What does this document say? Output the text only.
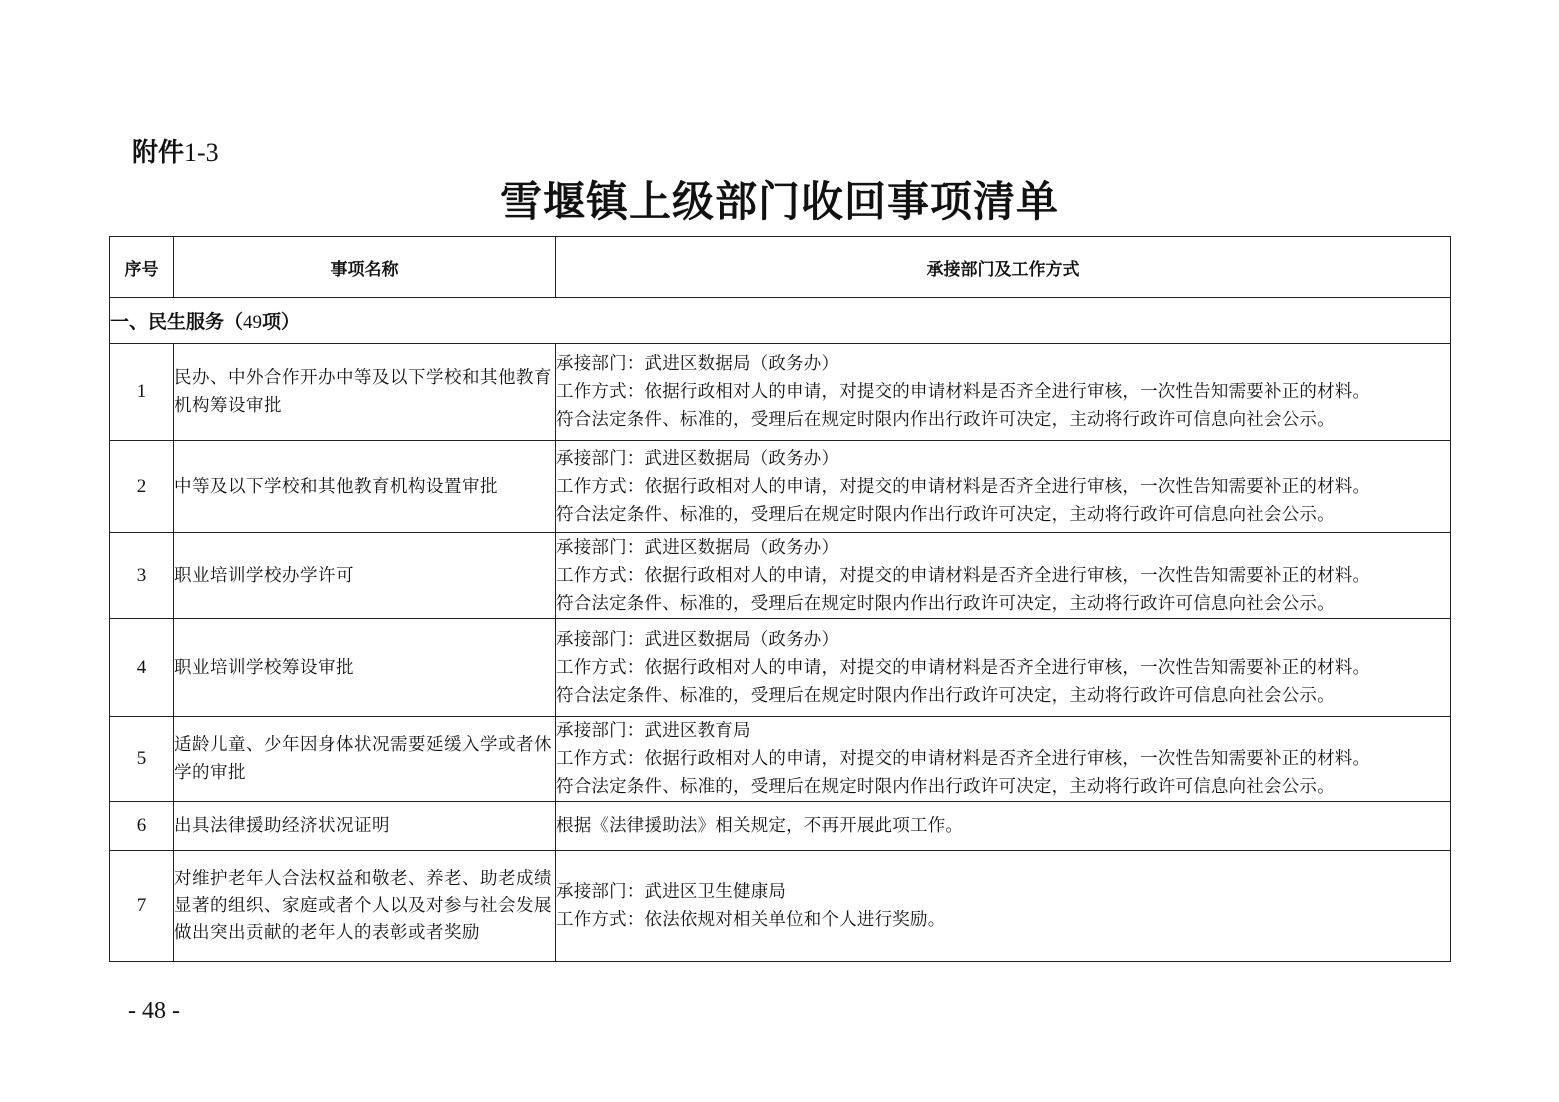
附件1-3
雪堰镇上级部门收回事项清单
序号	事项名称	承接部门及工作方式
一、民生服务（49项）		
1	民办、中外合作开办中等及以下学校和其他教育机构筹设审批	承接部门：武进区数据局（政务办）
工作方式：依据行政相对人的申请，对提交的申请材料是否齐全进行审核，一次性告知需要补正的材料。
符合法定条件、标准的，受理后在规定时限内作出行政许可决定，主动将行政许可信息向社会公示。

2	中等及以下学校和其他教育机构设置审批	承接部门：武进区数据局（政务办）
工作方式：依据行政相对人的申请，对提交的申请材料是否齐全进行审核，一次性告知需要补正的材料。
符合法定条件、标准的，受理后在规定时限内作出行政许可决定，主动将行政许可信息向社会公示。

3	职业培训学校办学许可	承接部门：武进区数据局（政务办）
工作方式：依据行政相对人的申请，对提交的申请材料是否齐全进行审核，一次性告知需要补正的材料。
符合法定条件、标准的，受理后在规定时限内作出行政许可决定，主动将行政许可信息向社会公示。

4	职业培训学校筹设审批	承接部门：武进区数据局（政务办）
工作方式：依据行政相对人的申请，对提交的申请材料是否齐全进行审核，一次性告知需要补正的材料。
符合法定条件、标准的，受理后在规定时限内作出行政许可决定，主动将行政许可信息向社会公示。

5	适龄儿童、少年因身体状况需要延缓入学或者休学的审批	承接部门：武进区教育局
工作方式：依据行政相对人的申请，对提交的申请材料是否齐全进行审核，一次性告知需要补正的材料。
符合法定条件、标准的，受理后在规定时限内作出行政许可决定，主动将行政许可信息向社会公示。

6	出具法律援助经济状况证明	根据《法律援助法》相关规定，不再开展此项工作。

7	对维护老年人合法权益和敬老、养老、助老成绩显著的组织、家庭或者个人以及对参与社会发展做出突出贡献的老年人的表彰或者奖励	承接部门：武进区卫生健康局
工作方式：依法依规对相关单位和个人进行奖励。
- 48 -
